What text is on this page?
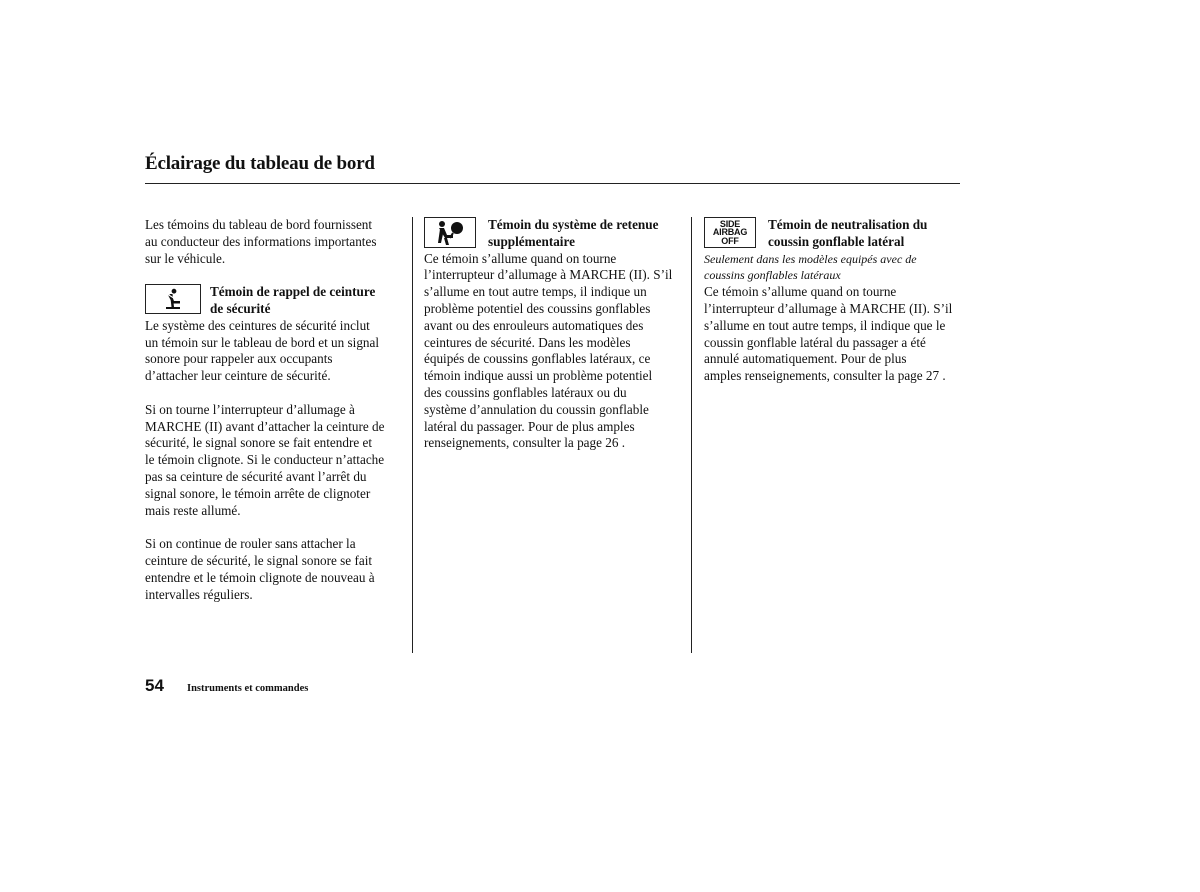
Éclairage du tableau de bord

Les témoins du tableau de bord fournissent

au conducteur des informations importantes

sur le véhicule.

Témoin de rappel de ceinture

de sécurité

Le système des ceintures de sécurité inclut

un témoin sur le tableau de bord et un signal

sonore pour rappeler aux occupants

d’attacher leur ceinture de sécurité.

Si on tourne l’interrupteur d’allumage à

MARCHE (II) avant d’attacher la ceinture de

sécurité, le signal sonore se fait entendre et

le témoin clignote. Si le conducteur n’attache

pas sa ceinture de sécurité avant l’arrêt du

signal sonore, le témoin arrête de clignoter

mais reste allumé.

Si on continue de rouler sans attacher la

ceinture de sécurité, le signal sonore se fait

entendre et le témoin clignote de nouveau à

intervalles réguliers.

Témoin du système de retenue

supplémentaire

Ce témoin s’allume quand on tourne

l’interrupteur d’allumage à MARCHE (II). S’il

s’allume en tout autre temps, il indique un

problème potentiel des coussins gonflables

avant ou des enrouleurs automatiques des

ceintures de sécurité. Dans les modèles

équipés de coussins gonflables latéraux, ce

témoin indique aussi un problème potentiel

des coussins gonflables latéraux ou du

système d’annulation du coussin gonflable

latéral du passager. Pour de plus amples

renseignements, consulter la page 26 .

SIDE
AIRBAG
OFF

Témoin de neutralisation du

coussin gonflable latéral

Seulement dans les modèles equipés avec de

coussins gonflables latéraux

Ce témoin s’allume quand on tourne

l’interrupteur d’allumage à MARCHE (II). S’il

s’allume en tout autre temps, il indique que le

coussin gonflable latéral du passager a été

annulé automatiquement. Pour de plus

amples renseignements, consulter la page 27 .

54 Instruments et commandes
